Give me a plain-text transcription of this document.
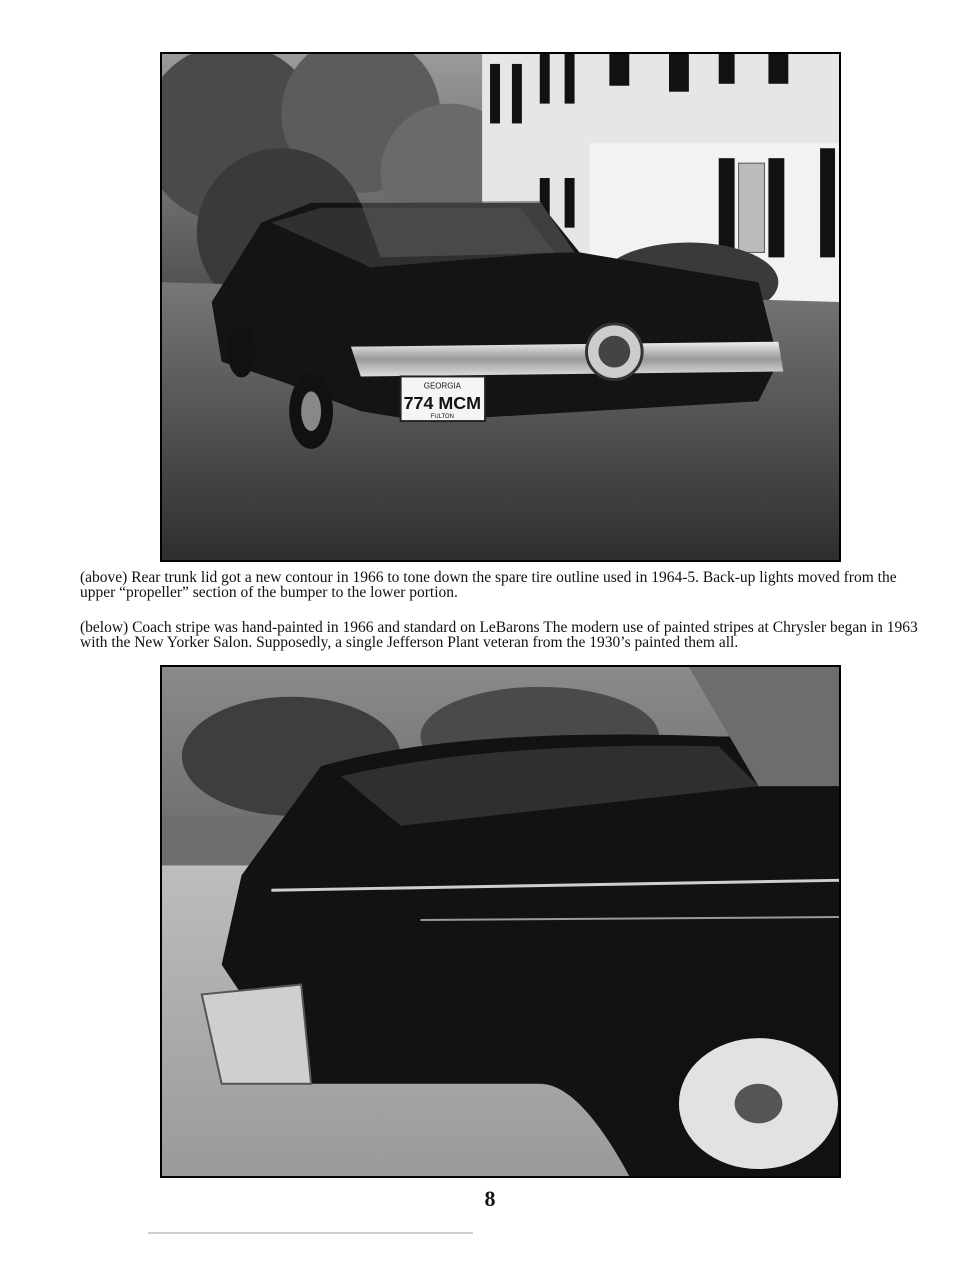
GEORGIA
774 MCM
FULTON

(above) Rear trunk lid got a new contour in 1966 to tone down the spare tire outline used in 1964-5. Back-up lights moved from the upper “propeller” section of the bumper to the lower portion.

(below) Coach stripe was hand-painted in 1966 and standard on LeBarons The modern use of painted stripes at Chrysler began in 1963 with the New Yorker Salon. Supposedly, a single Jefferson Plant veteran from the 1930’s painted them all.

8
